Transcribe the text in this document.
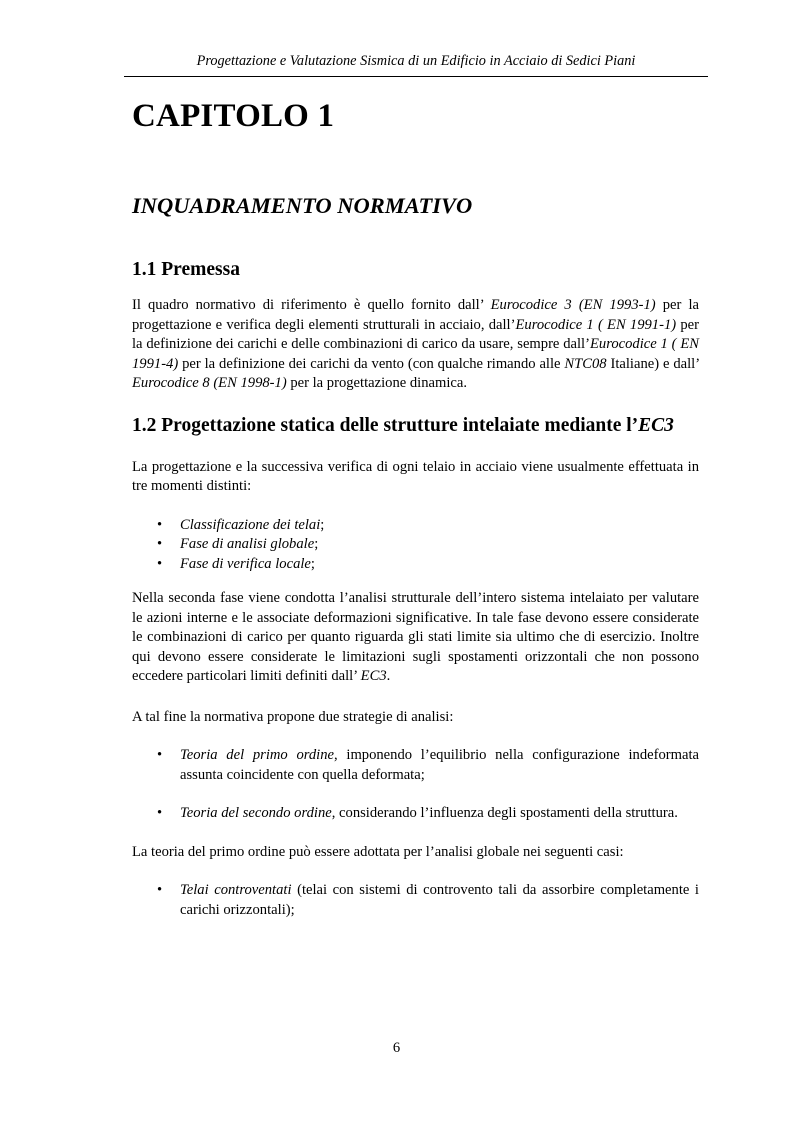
Progettazione e Valutazione Sismica di un Edificio in Acciaio di Sedici Piani
CAPITOLO 1
INQUADRAMENTO NORMATIVO
1.1 Premessa

Il quadro normativo di riferimento è quello fornito dall’ Eurocodice 3 (EN 1993-1) per la progettazione e verifica degli elementi strutturali in acciaio, dall’Eurocodice 1 ( EN 1991-1) per la definizione dei carichi e delle combinazioni di carico da usare, sempre dall’Eurocodice 1 ( EN 1991-4) per la definizione dei carichi da vento (con qualche rimando alle NTC08 Italiane) e dall’ Eurocodice 8 (EN 1998-1) per la progettazione dinamica.

1.2 Progettazione statica delle strutture intelaiate mediante l’EC3

La progettazione e la successiva verifica di ogni telaio in acciaio viene usualmente effettuata in tre momenti distinti:

• Classificazione dei telai;
• Fase di analisi globale;
• Fase di verifica locale;

Nella seconda fase viene condotta l’analisi strutturale dell’intero sistema intelaiato per valutare le azioni interne e le associate deformazioni significative. In tale fase devono essere considerate le combinazioni di carico per quanto riguarda gli stati limite sia ultimo che di esercizio. Inoltre qui devono essere considerate le limitazioni sugli spostamenti orizzontali che non possono eccedere particolari limiti definiti dall’ EC3.

A tal fine la normativa propone due strategie di analisi:

• Teoria del primo ordine, imponendo l’equilibrio nella configurazione indeformata assunta coincidente con quella deformata;
• Teoria del secondo ordine, considerando l’influenza degli spostamenti della struttura.

La teoria del primo ordine può essere adottata per l’analisi globale nei seguenti casi:

• Telai controventati (telai con sistemi di controvento tali da assorbire completamente i carichi orizzontali);
6
